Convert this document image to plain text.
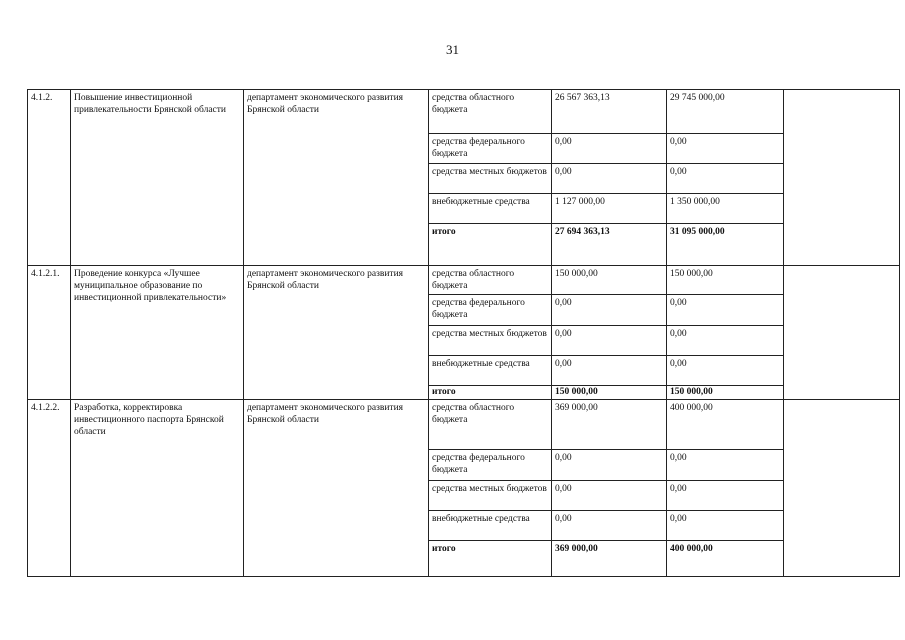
31
4.1.2.	Повышение инвестиционной привлекательности Брянской области	департамент экономического развития Брянской области	средства областного бюджета	26 567 363,13	29 745 000,00	
			средства федерального бюджета	0,00	0,00	
			средства местных бюджетов	0,00	0,00	
			внебюджетные средства	1 127 000,00	1 350 000,00	
			итого	27 694 363,13	31 095 000,00	
4.1.2.1.	Проведение конкурса «Лучшее муниципальное образование по инвестиционной привлекательности»	департамент экономического развития Брянской области	средства областного бюджета	150 000,00	150 000,00	
			средства федерального бюджета	0,00	0,00	
			средства местных бюджетов	0,00	0,00	
			внебюджетные средства	0,00	0,00	
			итого	150 000,00	150 000,00	
4.1.2.2.	Разработка, корректировка инвестиционного паспорта Брянской области	департамент экономического развития Брянской области	средства областного бюджета	369 000,00	400 000,00	
			средства федерального бюджета	0,00	0,00	
			средства местных бюджетов	0,00	0,00	
			внебюджетные средства	0,00	0,00	
			итого	369 000,00	400 000,00	
